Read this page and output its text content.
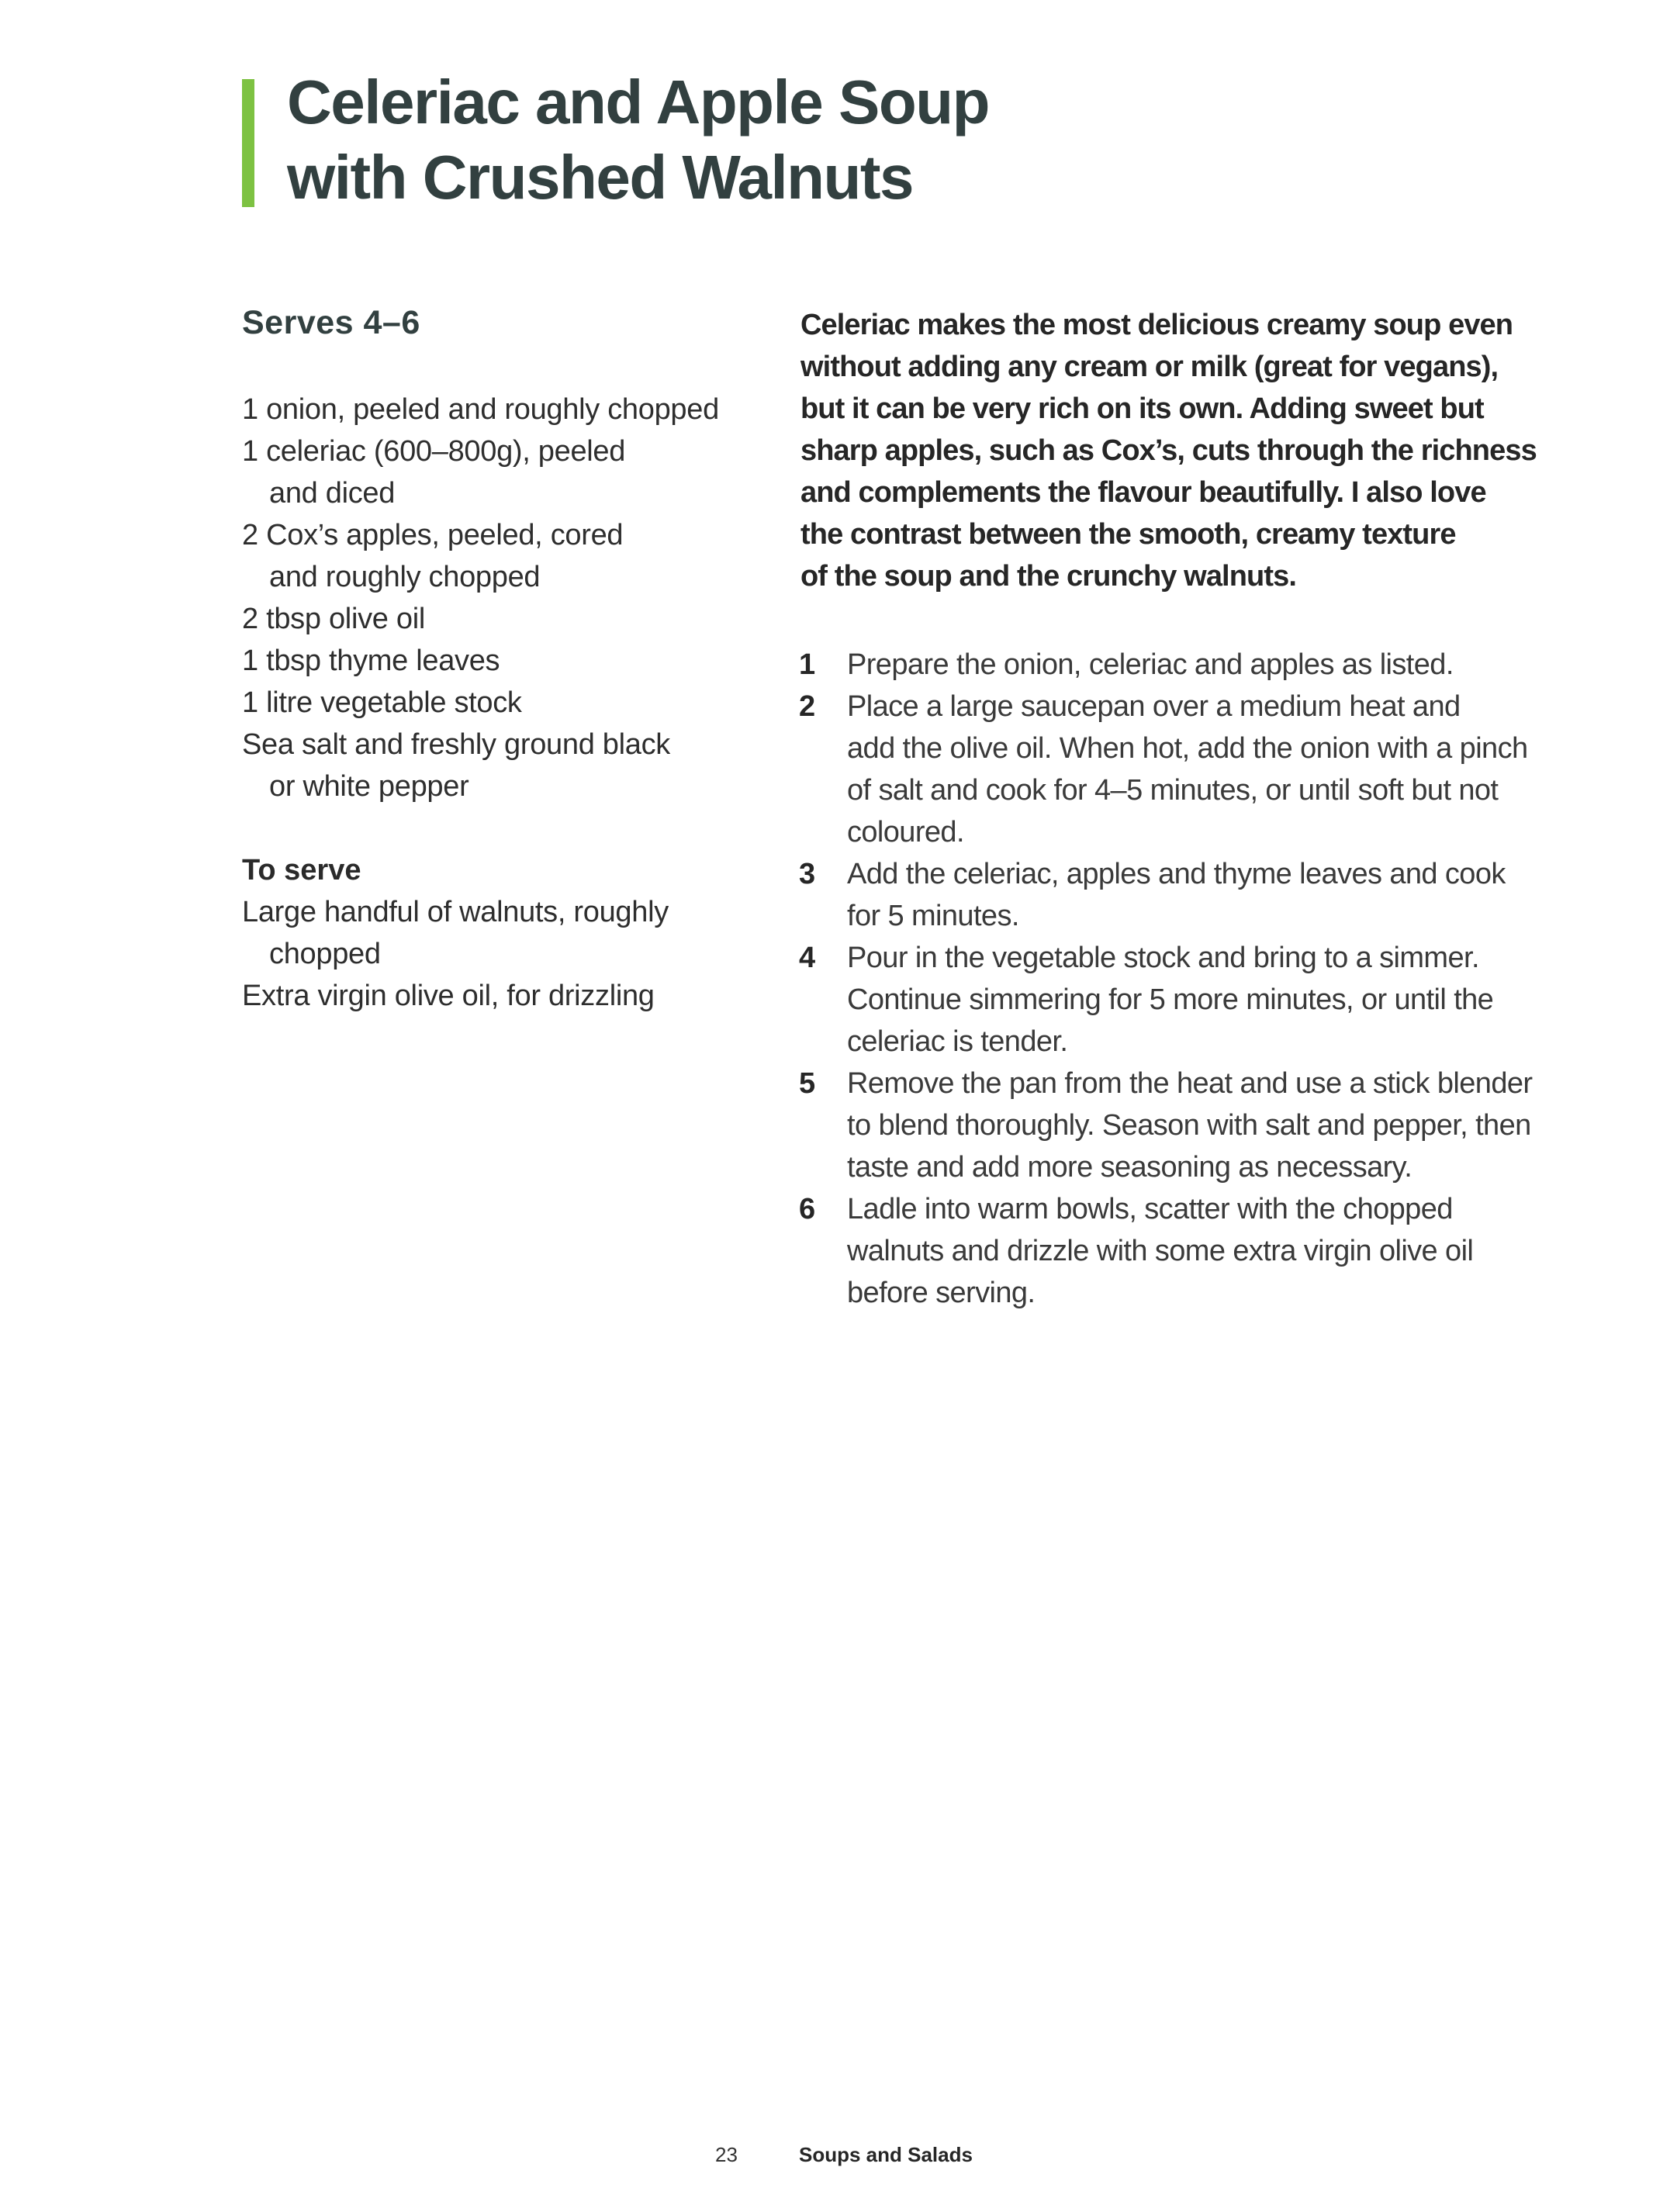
Celeriac and Apple Soup
with Crushed Walnuts
Serves 4–6
1 onion, peeled and roughly chopped
1 celeriac (600–800g), peeled
and diced
2 Cox’s apples, peeled, cored
and roughly chopped
2 tbsp olive oil
1 tbsp thyme leaves
1 litre vegetable stock
Sea salt and freshly ground black
or white pepper
To serve
Large handful of walnuts, roughly
chopped
Extra virgin olive oil, for drizzling
Celeriac makes the most delicious creamy soup even
without adding any cream or milk (great for vegans),
but it can be very rich on its own. Adding sweet but
sharp apples, such as Cox’s, cuts through the richness
and complements the flavour beautifully. I also love
the contrast between the smooth, creamy texture
of the soup and the crunchy walnuts.
1 Prepare the onion, celeriac and apples as listed.
2 Place a large saucepan over a medium heat and
add the olive oil. When hot, add the onion with a pinch
of salt and cook for 4–5 minutes, or until soft but not
coloured.
3 Add the celeriac, apples and thyme leaves and cook
for 5 minutes.
4 Pour in the vegetable stock and bring to a simmer.
Continue simmering for 5 more minutes, or until the
celeriac is tender.
5 Remove the pan from the heat and use a stick blender
to blend thoroughly. Season with salt and pepper, then
taste and add more seasoning as necessary.
6 Ladle into warm bowls, scatter with the chopped
walnuts and drizzle with some extra virgin olive oil
before serving.
23	Soups and Salads
